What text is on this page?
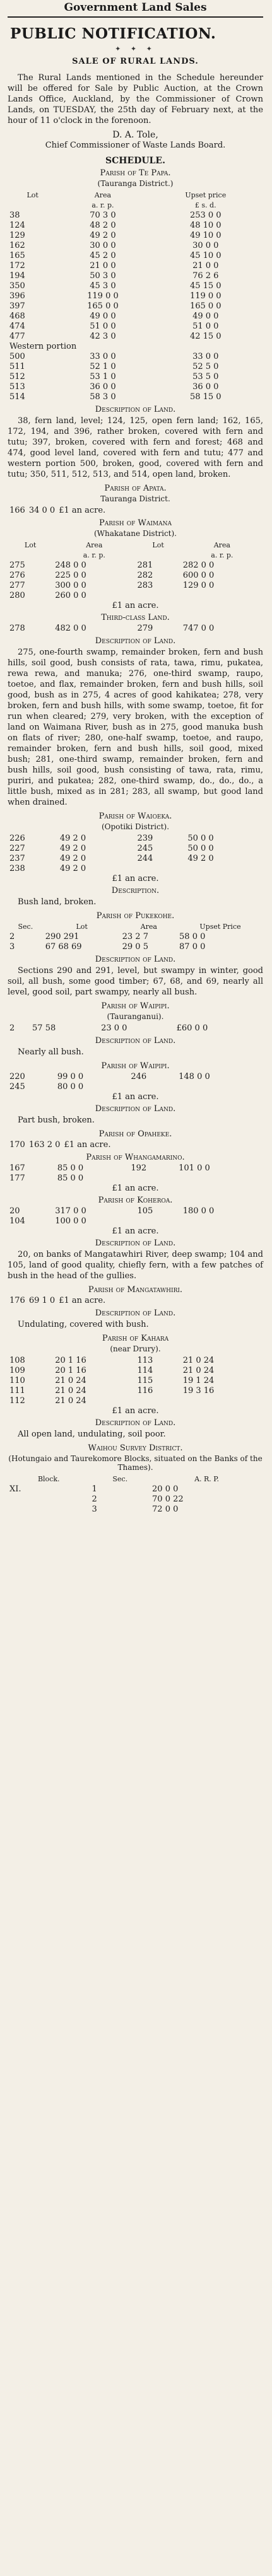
Government Land Sales
PUBLIC NOTIFICATION.
✦ ✦ ✦
SALE OF RURAL LANDS.

The Rural Lands mentioned in the Schedule hereunder will be offered for Sale by Public Auction, at the Crown Lands Office, Auckland, by the Commissioner of Crown Lands, on TUESDAY, the 25th day of February next, at the hour of 11 o'clock in the forenoon.

D. A. Tole,
Chief Commissioner of Waste Lands Board.
SCHEDULE.
Parish of Te Papa.
(Tauranga District.)
Lot	Area	Upset price
	a. r. p.	£ s. d.
38	70 3 0	253 0 0
124	48 2 0	48 10 0
129	49 2 0	49 10 0
162	30 0 0	30 0 0
165	45 2 0	45 10 0
172	21 0 0	21 0 0
194	50 3 0	76 2 6
350	45 3 0	45 15 0
396	119 0 0	119 0 0
397	165 0 0	165 0 0
468	49 0 0	49 0 0
474	51 0 0	51 0 0
477	42 3 0	42 15 0
Western portion		
500	33 0 0	33 0 0
511	52 1 0	52 5 0
512	53 1 0	53 5 0
513	36 0 0	36 0 0
514	58 3 0	58 15 0
Description of Land.

38, fern land, level; 124, 125, open fern land; 162, 165, 172, 194, and 396, rather broken, covered with fern and tutu; 397, broken, covered with fern and forest; 468 and 474, good level land, covered with fern and tutu; 477 and western portion 500, broken, good, covered with fern and tutu; 350, 511, 512, 513, and 514, open land, broken.

Parish of Apata.
Tauranga District.
166	34 0 0	£1 an acre.
Parish of Waimana
(Whakatane District).
Lot	Area	Lot	Area
	a. r. p.		a. r. p.
275	248 0 0	281	282 0 0
276	225 0 0	282	600 0 0
277	300 0 0	283	129 0 0
280	260 0 0		
£1 an acre.
Third-class Land.
278	482 0 0	279	747 0 0
Description of Land.

275, one-fourth swamp, remainder broken, fern and bush hills, soil good, bush consists of rata, tawa, rimu, pukatea, rewa rewa, and manuka; 276, one-third swamp, raupo, toetoe, and flax, remainder broken, fern and bush hills, soil good, bush as in 275, 4 acres of good kahikatea; 278, very broken, fern and bush hills, with some swamp, toetoe, fit for run when cleared; 279, very broken, with the exception of land on Waimana River, bush as in 275, good manuka bush on flats of river; 280, one-half swamp, toetoe, and raupo, remainder broken, fern and bush hills, soil good, mixed bush; 281, one-third swamp, remainder broken, fern and bush hills, soil good, bush consisting of tawa, rata, rimu, puriri, and pukatea; 282, one-third swamp, do., do., do., a little bush, mixed as in 281; 283, all swamp, but good land when drained.

Parish of Waioeka.
(Opotiki District).
226	49 2 0	239	50 0 0
227	49 2 0	245	50 0 0
237	49 2 0	244	49 2 0
238	49 2 0		
£1 an acre.
Description.

Bush land, broken.

Parish of Pukekohe.
Sec.	Lot	Area	Upset Price
2	290 291	23 2 7	58 0 0
3	67 68 69	29 0 5	87 0 0
Description of Land.

Sections 290 and 291, level, but swampy in winter, good soil, all bush, some good timber; 67, 68, and 69, nearly all level, good soil, part swampy, nearly all bush.

Parish of Waipipi.
(Tauranganui).
2	57 58	23 0 0	£60 0 0
Description of Land.

Nearly all bush.

Parish of Waipipi.
220	99 0 0	246	148 0 0
245	80 0 0		
£1 an acre.
Description of Land.

Part bush, broken.

Parish of Opaheke.
170	163 2 0	£1 an acre.
Parish of Whangamarino.
167	85 0 0	192	101 0 0
177	85 0 0		
£1 an acre.
Parish of Koheroa.
20	317 0 0	105	180 0 0
104	100 0 0		
£1 an acre.
Description of Land.

20, on banks of Mangatawhiri River, deep swamp; 104 and 105, land of good quality, chiefly fern, with a few patches of bush in the head of the gullies.

Parish of Mangatawhiri.
176	69 1 0	£1 an acre.
Description of Land.

Undulating, covered with bush.

Parish of Kahara
(near Drury).
108	20 1 16	113	21 0 24
109	20 1 16	114	21 0 24
110	21 0 24	115	19 1 24
111	21 0 24	116	19 3 16
112	21 0 24		
£1 an acre.
Description of Land.

All open land, undulating, soil poor.

Waihou Survey District.
(Hotungaio and Taurekomore Blocks, situated on the Banks of the Thames).
Block.	Sec.	A. R. P.
XI.	1	20 0 0
	2	70 0 22
	3	72 0 0
